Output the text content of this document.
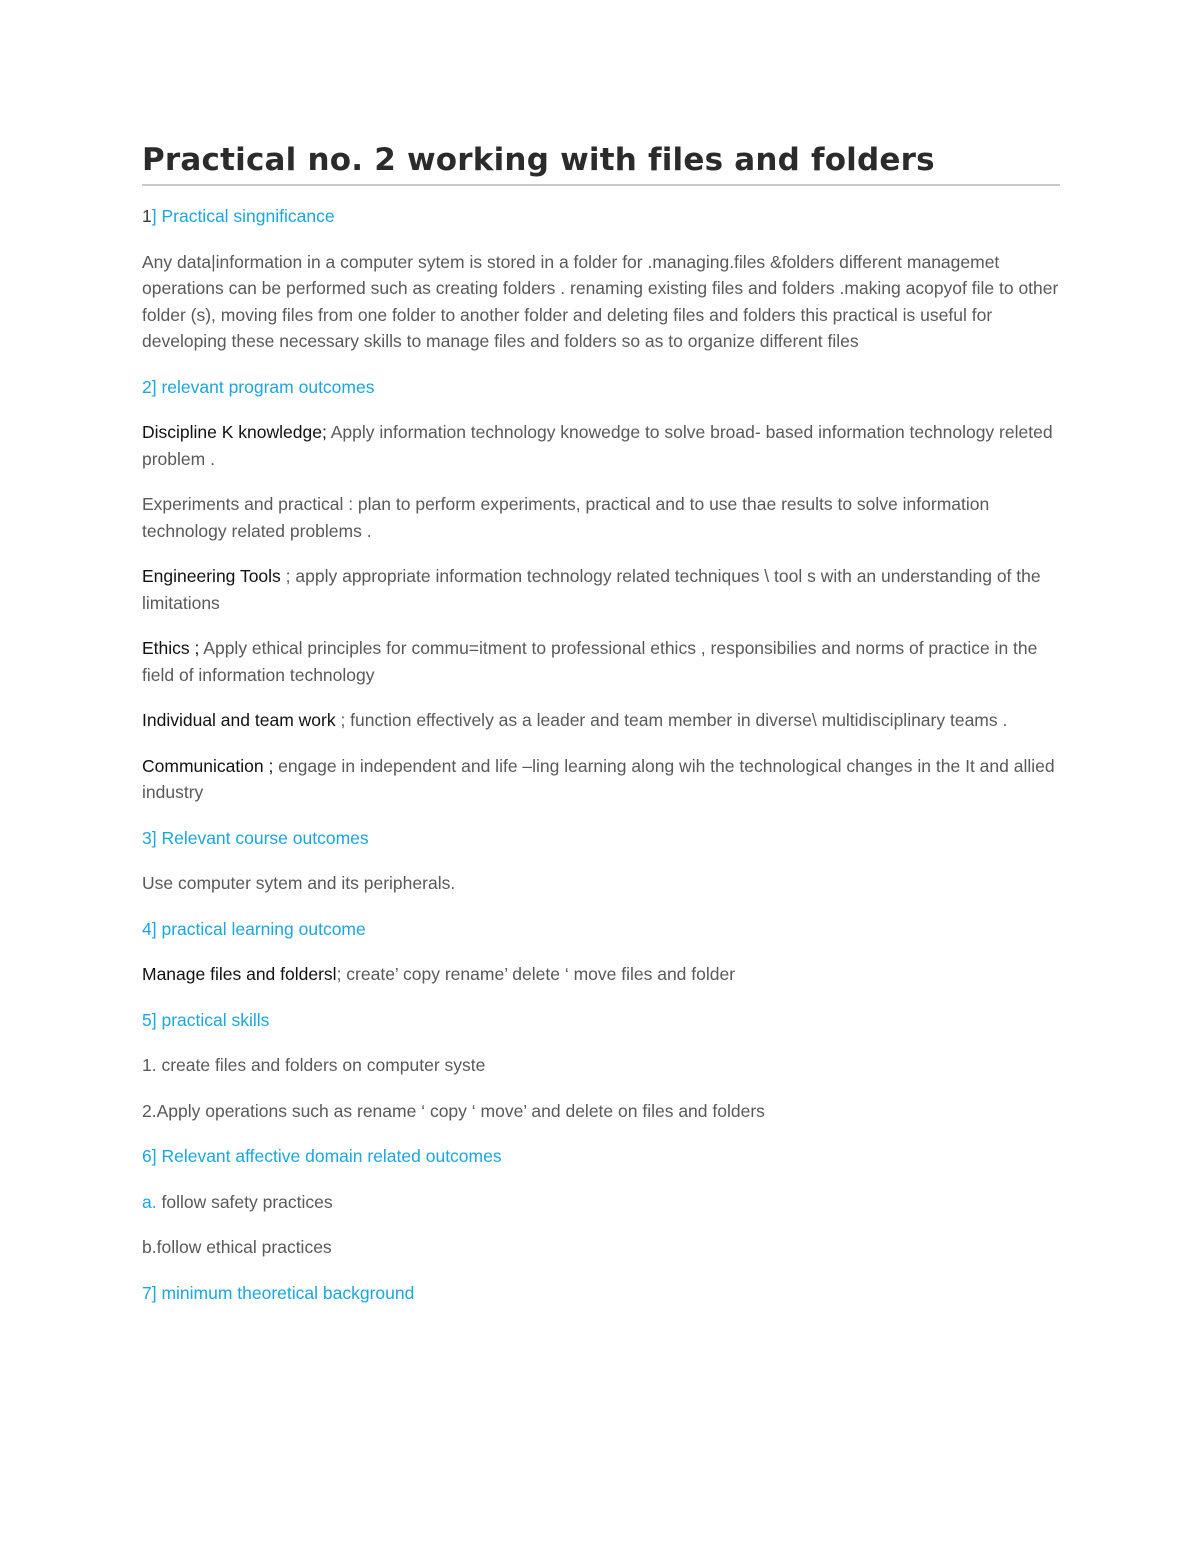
Practical no. 2 working with files and folders

1] Practical singnificance

Any data|information in a computer sytem is stored in a folder for .managing.files &folders different managemet operations can be performed such as creating folders . renaming existing files and folders .making acopyof file to other folder (s), moving files from one folder to another folder and deleting files and folders this practical is useful for developing these necessary skills to manage files and folders so as to organize different files

2] relevant program outcomes

Discipline K knowledge; Apply information technology knowedge to solve broad- based information technology releted problem .

Experiments and practical : plan to perform experiments, practical and to use thae results to solve information technology related problems .

Engineering Tools ; apply appropriate information technology related techniques \ tool s with an understanding of the limitations

Ethics ; Apply ethical principles for commu=itment to professional ethics , responsibilies and norms of practice in the field of information technology

Individual and team work ; function effectively as a leader and team member in diverse\ multidisciplinary teams .

Communication ; engage in independent and life –ling learning along wih the technological changes in the It and allied industry

3] Relevant course outcomes

Use computer sytem and its peripherals.

4] practical learning outcome

Manage files and foldersl; create’ copy rename’ delete ‘ move files and folder

5] practical skills

1. create files and folders on computer syste

2.Apply operations such as rename ‘ copy ‘ move’ and delete on files and folders

6] Relevant affective domain related outcomes

a. follow safety practices

b.follow ethical practices

7] minimum theoretical background
